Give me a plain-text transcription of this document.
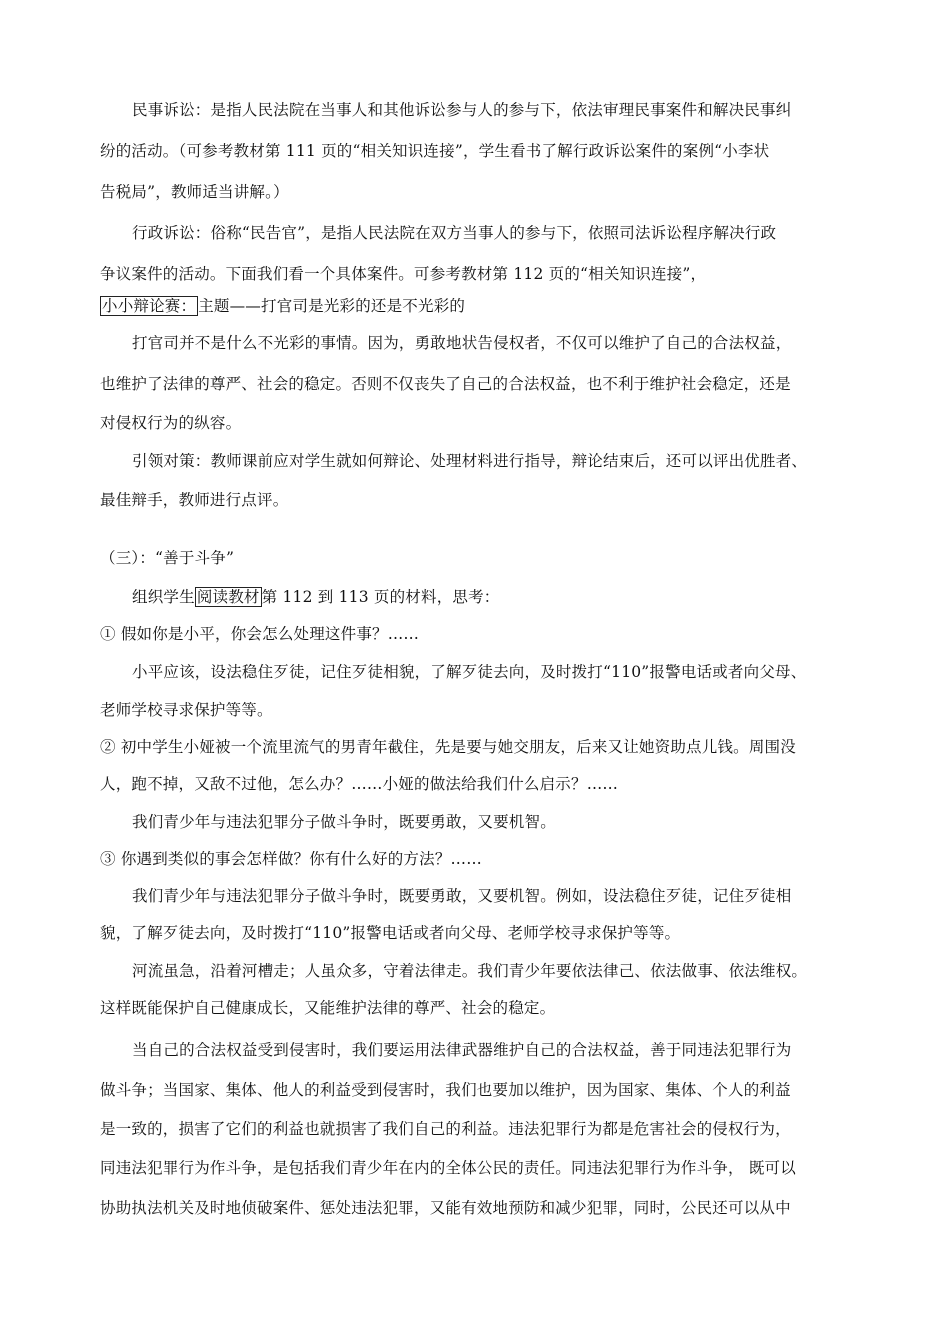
民事诉讼：是指人民法院在当事人和其他诉讼参与人的参与下，依法审理民事案件和解决民事纠
纷的活动。（可参考教材第 111 页的“相关知识连接”，学生看书了解行政诉讼案件的案例“小李状
告税局”，教师适当讲解。）
行政诉讼：俗称“民告官”，是指人民法院在双方当事人的参与下，依照司法诉讼程序解决行政
争议案件的活动。下面我们看一个具体案件。可参考教材第 112 页的“相关知识连接”，
小小辩论赛： 主题——打官司是光彩的还是不光彩的
打官司并不是什么不光彩的事情。因为，勇敢地状告侵权者，不仅可以维护了自己的合法权益，
也维护了法律的尊严、社会的稳定。否则不仅丧失了自己的合法权益，也不利于维护社会稳定，还是
对侵权行为的纵容。
引领对策：教师课前应对学生就如何辩论、处理材料进行指导，辩论结束后，还可以评出优胜者、
最佳辩手，教师进行点评。
（三）：“善于斗争”
组织学生 阅读教材 第 112 到 113 页的材料，思考：
① 假如你是小平，你会怎么处理这件事？……
小平应该，设法稳住歹徒，记住歹徒相貌，了解歹徒去向，及时拨打“110”报警电话或者向父母、
老师学校寻求保护等等。
② 初中学生小娅被一个流里流气的男青年截住，先是要与她交朋友，后来又让她资助点儿钱。周围没
人，跑不掉，又敌不过他，怎么办？……小娅的做法给我们什么启示？……
我们青少年与违法犯罪分子做斗争时，既要勇敢，又要机智。
③ 你遇到类似的事会怎样做？你有什么好的方法？……
我们青少年与违法犯罪分子做斗争时，既要勇敢，又要机智。例如，设法稳住歹徒，记住歹徒相
貌，了解歹徒去向，及时拨打“110”报警电话或者向父母、老师学校寻求保护等等。
河流虽急，沿着河槽走；人虽众多，守着法律走。我们青少年要依法律己、依法做事、依法维权。
这样既能保护自己健康成长，又能维护法律的尊严、社会的稳定。
当自己的合法权益受到侵害时，我们要运用法律武器维护自己的合法权益，善于同违法犯罪行为
做斗争；当国家、集体、他人的利益受到侵害时，我们也要加以维护，因为国家、集体、个人的利益
是一致的，损害了它们的利益也就损害了我们自己的利益。违法犯罪行为都是危害社会的侵权行为，
同违法犯罪行为作斗争，是包括我们青少年在内的全体公民的责任。同违法犯罪行为作斗争， 既可以
协助执法机关及时地侦破案件、惩处违法犯罪，又能有效地预防和减少犯罪，同时，公民还可以从中
